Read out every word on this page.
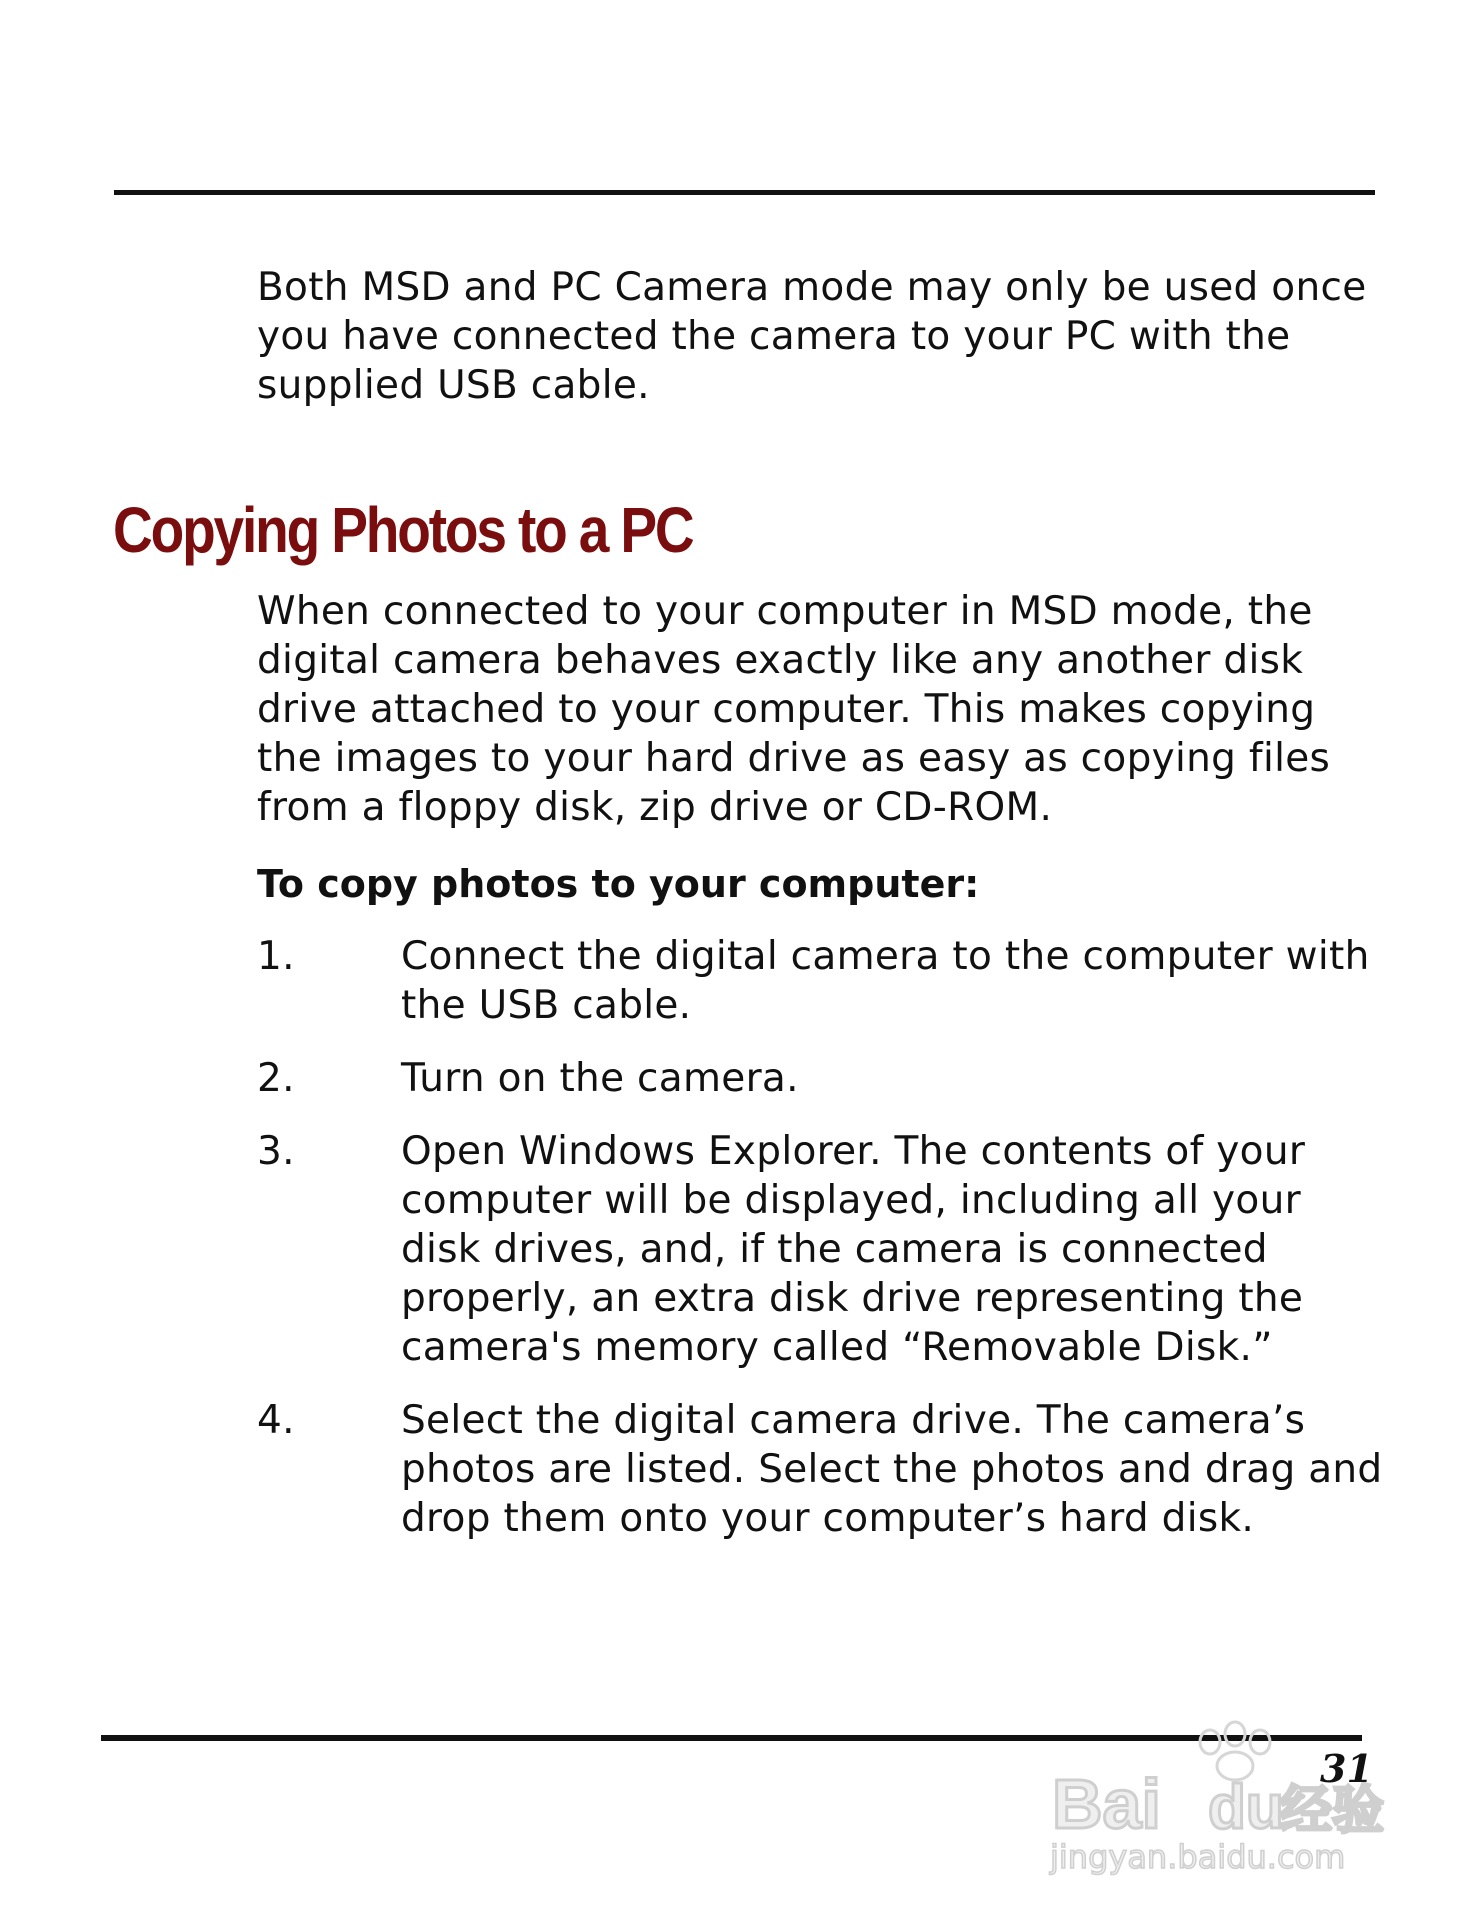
Both MSD and PC Camera mode may only be used once you have connected the camera to your PC with the supplied USB cable.

Copying Photos to a PC

When connected to your computer in MSD mode, the digital camera behaves exactly like any another disk drive attached to your computer. This makes copying the images to your hard drive as easy as copying files from a floppy disk, zip drive or CD-ROM.

To copy photos to your computer:

1.	Connect the digital camera to the computer with the USB cable.
2.	Turn on the camera.
3.	Open Windows Explorer. The contents of your computer will be displayed, including all your disk drives, and, if the camera is connected properly, an extra disk drive representing the camera's memory called “Removable Disk.”
4.	Select the digital camera drive. The camera’s photos are listed. Select the photos and drag and drop them onto your computer’s hard disk.
Bai du
经验
jingyan.baidu.com
31
